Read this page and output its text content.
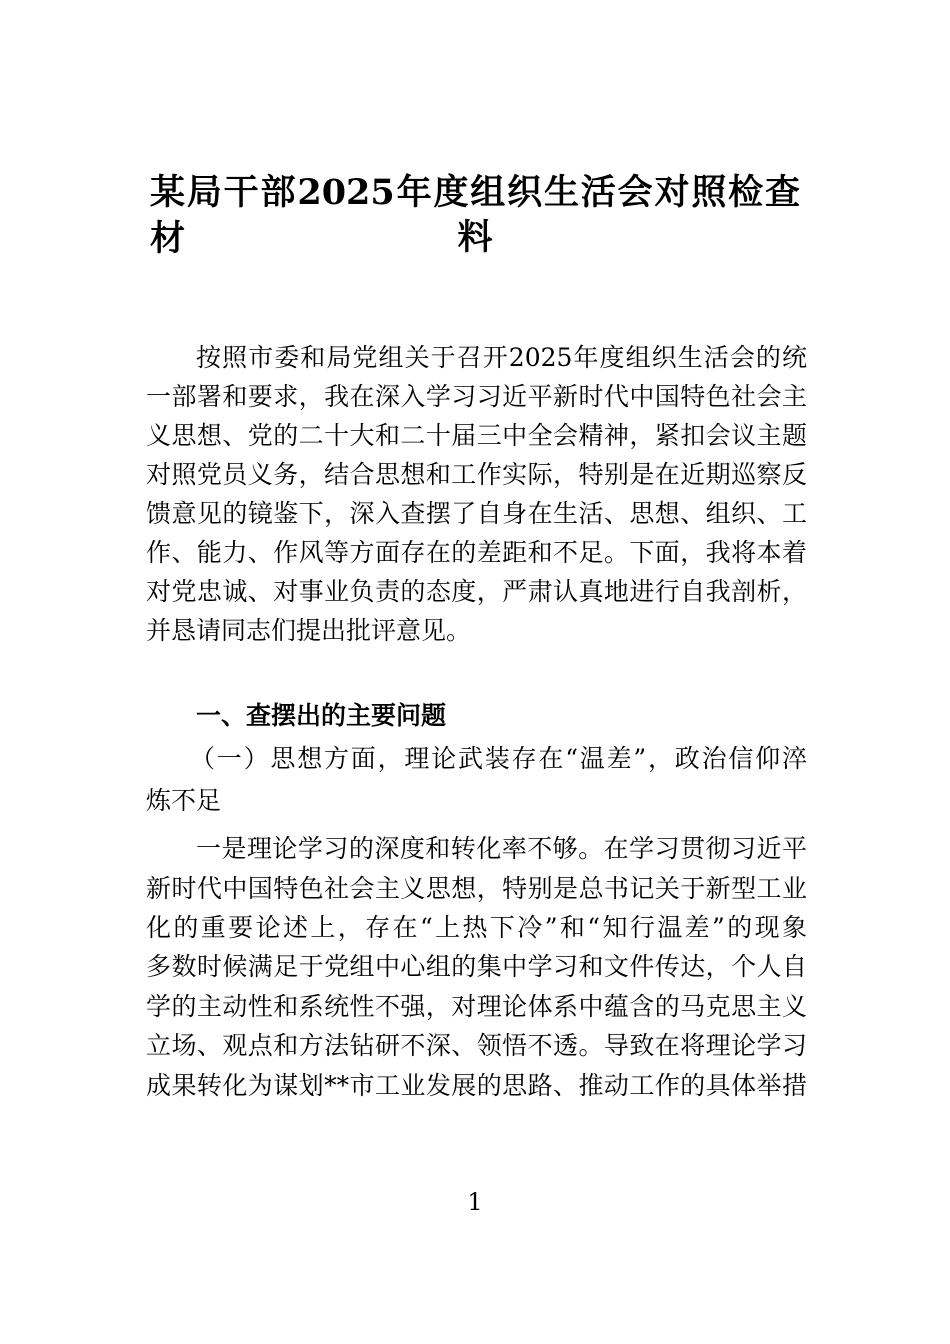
某局干部2025年度组织生活会对照检查材	料
按照市委和局党组关于召开2025年度组织生活会的统
一部署和要求，我在深入学习习近平新时代中国特色社会主
义思想、党的二十大和二十届三中全会精神，紧扣会议主题
对照党员义务，结合思想和工作实际，特别是在近期巡察反
馈意见的镜鉴下，深入查摆了自身在生活、思想、组织、工
作、能力、作风等方面存在的差距和不足。下面，我将本着
对党忠诚、对事业负责的态度，严肃认真地进行自我剖析，
并恳请同志们提出批评意见。
一、查摆出的主要问题
（一）思想方面，理论武装存在“温差”，政治信仰淬
炼不足
一是理论学习的深度和转化率不够。在学习贯彻习近平
新时代中国特色社会主义思想，特别是总书记关于新型工业
化的重要论述上，存在“上热下冷”和“知行温差”的现象
多数时候满足于党组中心组的集中学习和文件传达，个人自
学的主动性和系统性不强，对理论体系中蕴含的马克思主义
立场、观点和方法钻研不深、领悟不透。导致在将理论学习
成果转化为谋划**市工业发展的思路、推动工作的具体举措
1
